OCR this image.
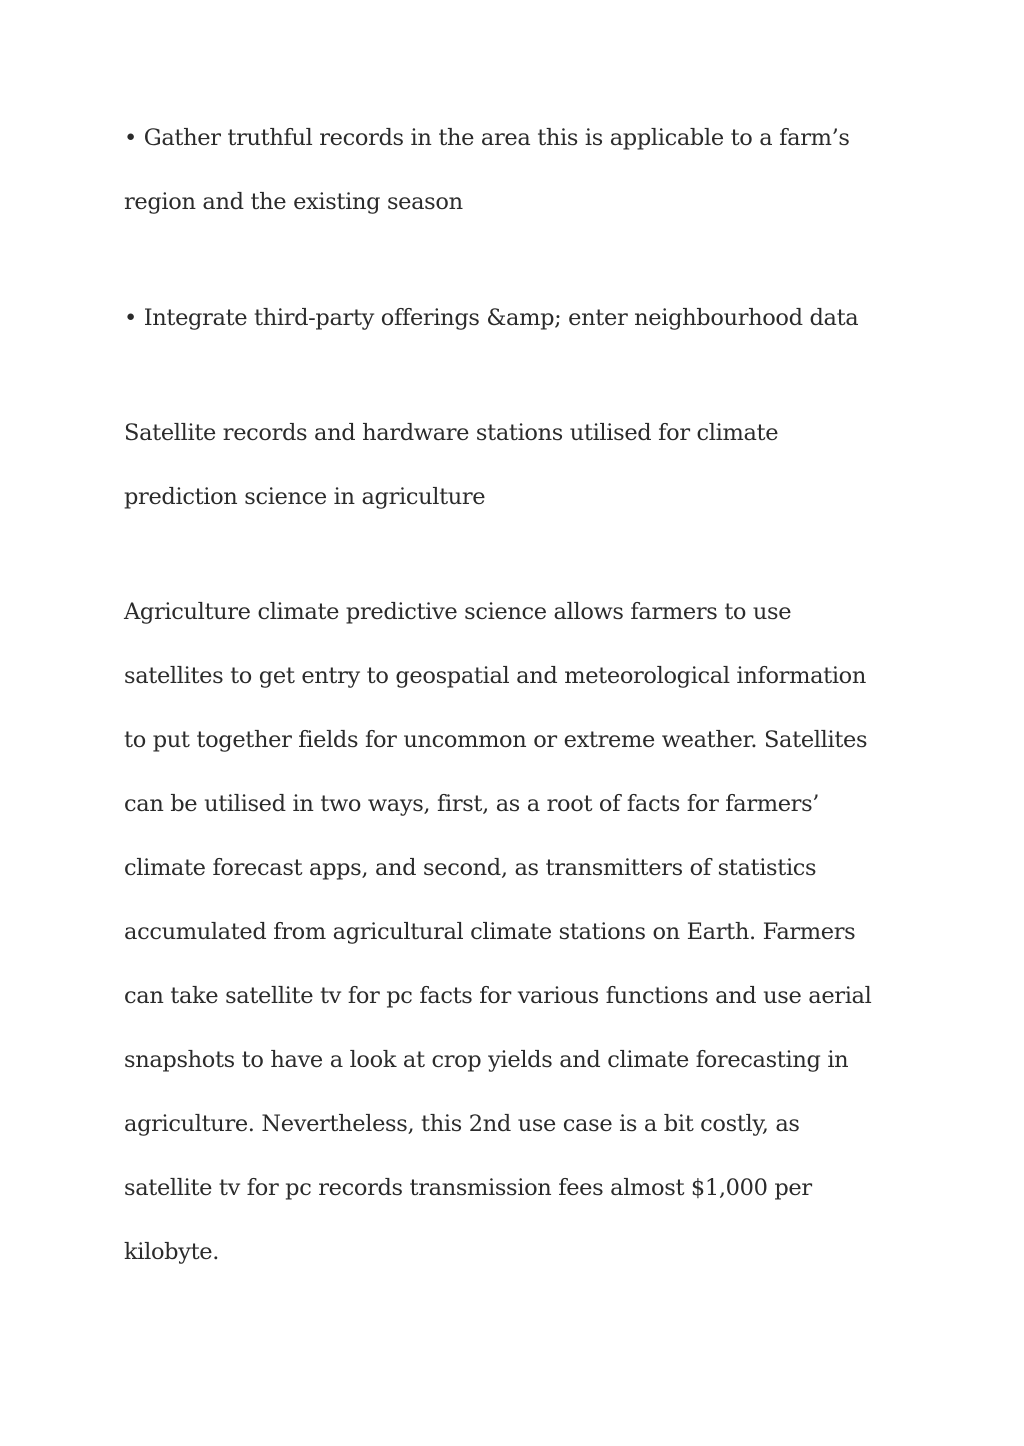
• Gather truthful records in the area this is applicable to a farm’s
region and the existing season

• Integrate third-party offerings &amp; enter neighbourhood data

Satellite records and hardware stations utilised for climate
prediction science in agriculture

Agriculture climate predictive science allows farmers to use
satellites to get entry to geospatial and meteorological information
to put together fields for uncommon or extreme weather. Satellites
can be utilised in two ways, first, as a root of facts for farmers’
climate forecast apps, and second, as transmitters of statistics
accumulated from agricultural climate stations on Earth. Farmers
can take satellite tv for pc facts for various functions and use aerial
snapshots to have a look at crop yields and climate forecasting in
agriculture. Nevertheless, this 2nd use case is a bit costly, as
satellite tv for pc records transmission fees almost $1,000 per
kilobyte.
